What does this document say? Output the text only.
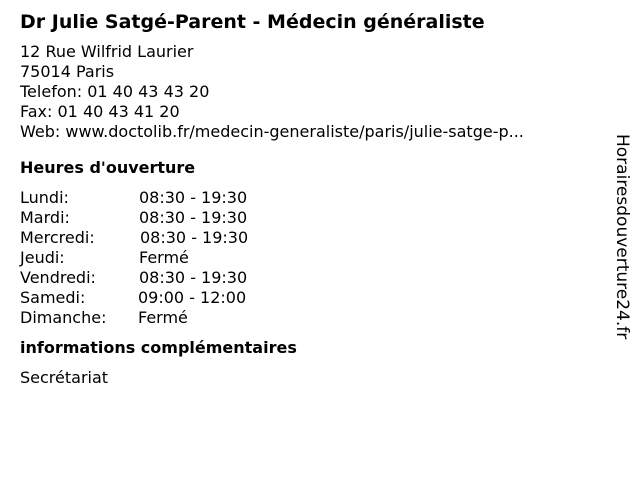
Dr Julie Satgé-Parent - Médecin généraliste
12 Rue Wilfrid Laurier
75014 Paris
Telefon: 01 40 43 43 20
Fax: 01 40 43 41 20
Web: www.doctolib.fr/medecin-generaliste/paris/julie-satge-p...
Heures d'ouverture
Lundi:	08:30 - 19:30
Mardi:	08:30 - 19:30
Mercredi:	08:30 - 19:30
Jeudi:	Fermé
Vendredi:	08:30 - 19:30
Samedi:	09:00 - 12:00
Dimanche: Fermé
informations complémentaires
Secrétariat
Horairesdouverture24.fr
